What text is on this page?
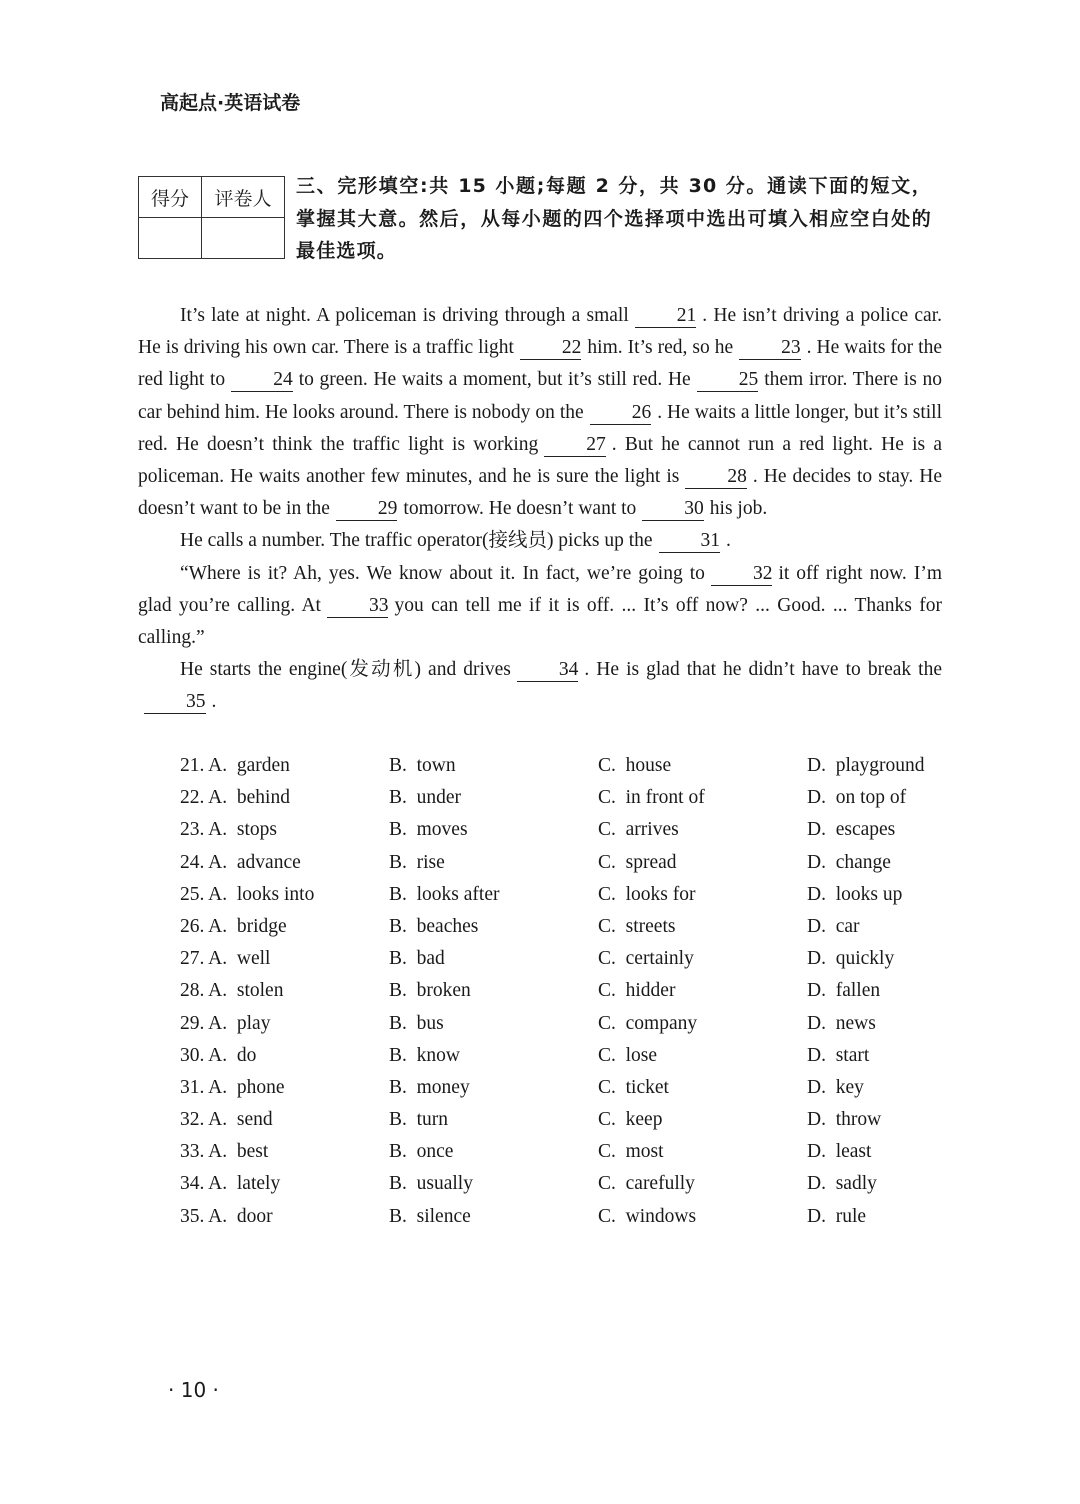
高起点·英语试卷
得分	评卷人

三、完形填空:共 15 小题;每题 2 分，共 30 分。通读下面的短文，掌握其大意。然后，从每小题的四个选择项中选出可填入相应空白处的最佳选项。

It’s late at night. A policeman is driving through a small 21 . He isn’t driving a police car. He is driving his own car. There is a traffic light 22 him. It’s red, so he 23 . He waits for the red light to 24 to green. He waits a moment, but it’s still red. He 25 them irror. There is no car behind him. He looks around. There is nobody on the 26 . He waits a little longer, but it’s still red. He doesn’t think the traffic light is working 27 . But he cannot run a red light. He is a policeman. He waits another few minutes, and he is sure the light is 28 . He decides to stay. He doesn’t want to be in the 29 tomorrow. He doesn’t want to 30 his job.

He calls a number. The traffic operator(接线员) picks up the 31 .

“Where is it? Ah, yes. We know about it. In fact, we’re going to 32 it off right now. I’m glad you’re calling. At 33 you can tell me if it is off. ... It’s off now? ... Good. ... Thanks for calling.”

He starts the engine(发动机) and drives 34 . He is glad that he didn’t have to break the35 .

21. A.  garden	B.  town	C.  house	D.  playground
22. A.  behind	B.  under	C.  in front of	D.  on top of
23. A.  stops	B.  moves	C.  arrives	D.  escapes
24. A.  advance	B.  rise	C.  spread	D.  change
25. A.  looks into	B.  looks after	C.  looks for	D.  looks up
26. A.  bridge	B.  beaches	C.  streets	D.  car
27. A.  well	B.  bad	C.  certainly	D.  quickly
28. A.  stolen	B.  broken	C.  hidder	D.  fallen
29. A.  play	B.  bus	C.  company	D.  news
30. A.  do	B.  know	C.  lose	D.  start
31. A.  phone	B.  money	C.  ticket	D.  key
32. A.  send	B.  turn	C.  keep	D.  throw
33. A.  best	B.  once	C.  most	D.  least
34. A.  lately	B.  usually	C.  carefully	D.  sadly
35. A.  door	B.  silence	C.  windows	D.  rule
· 10 ·
